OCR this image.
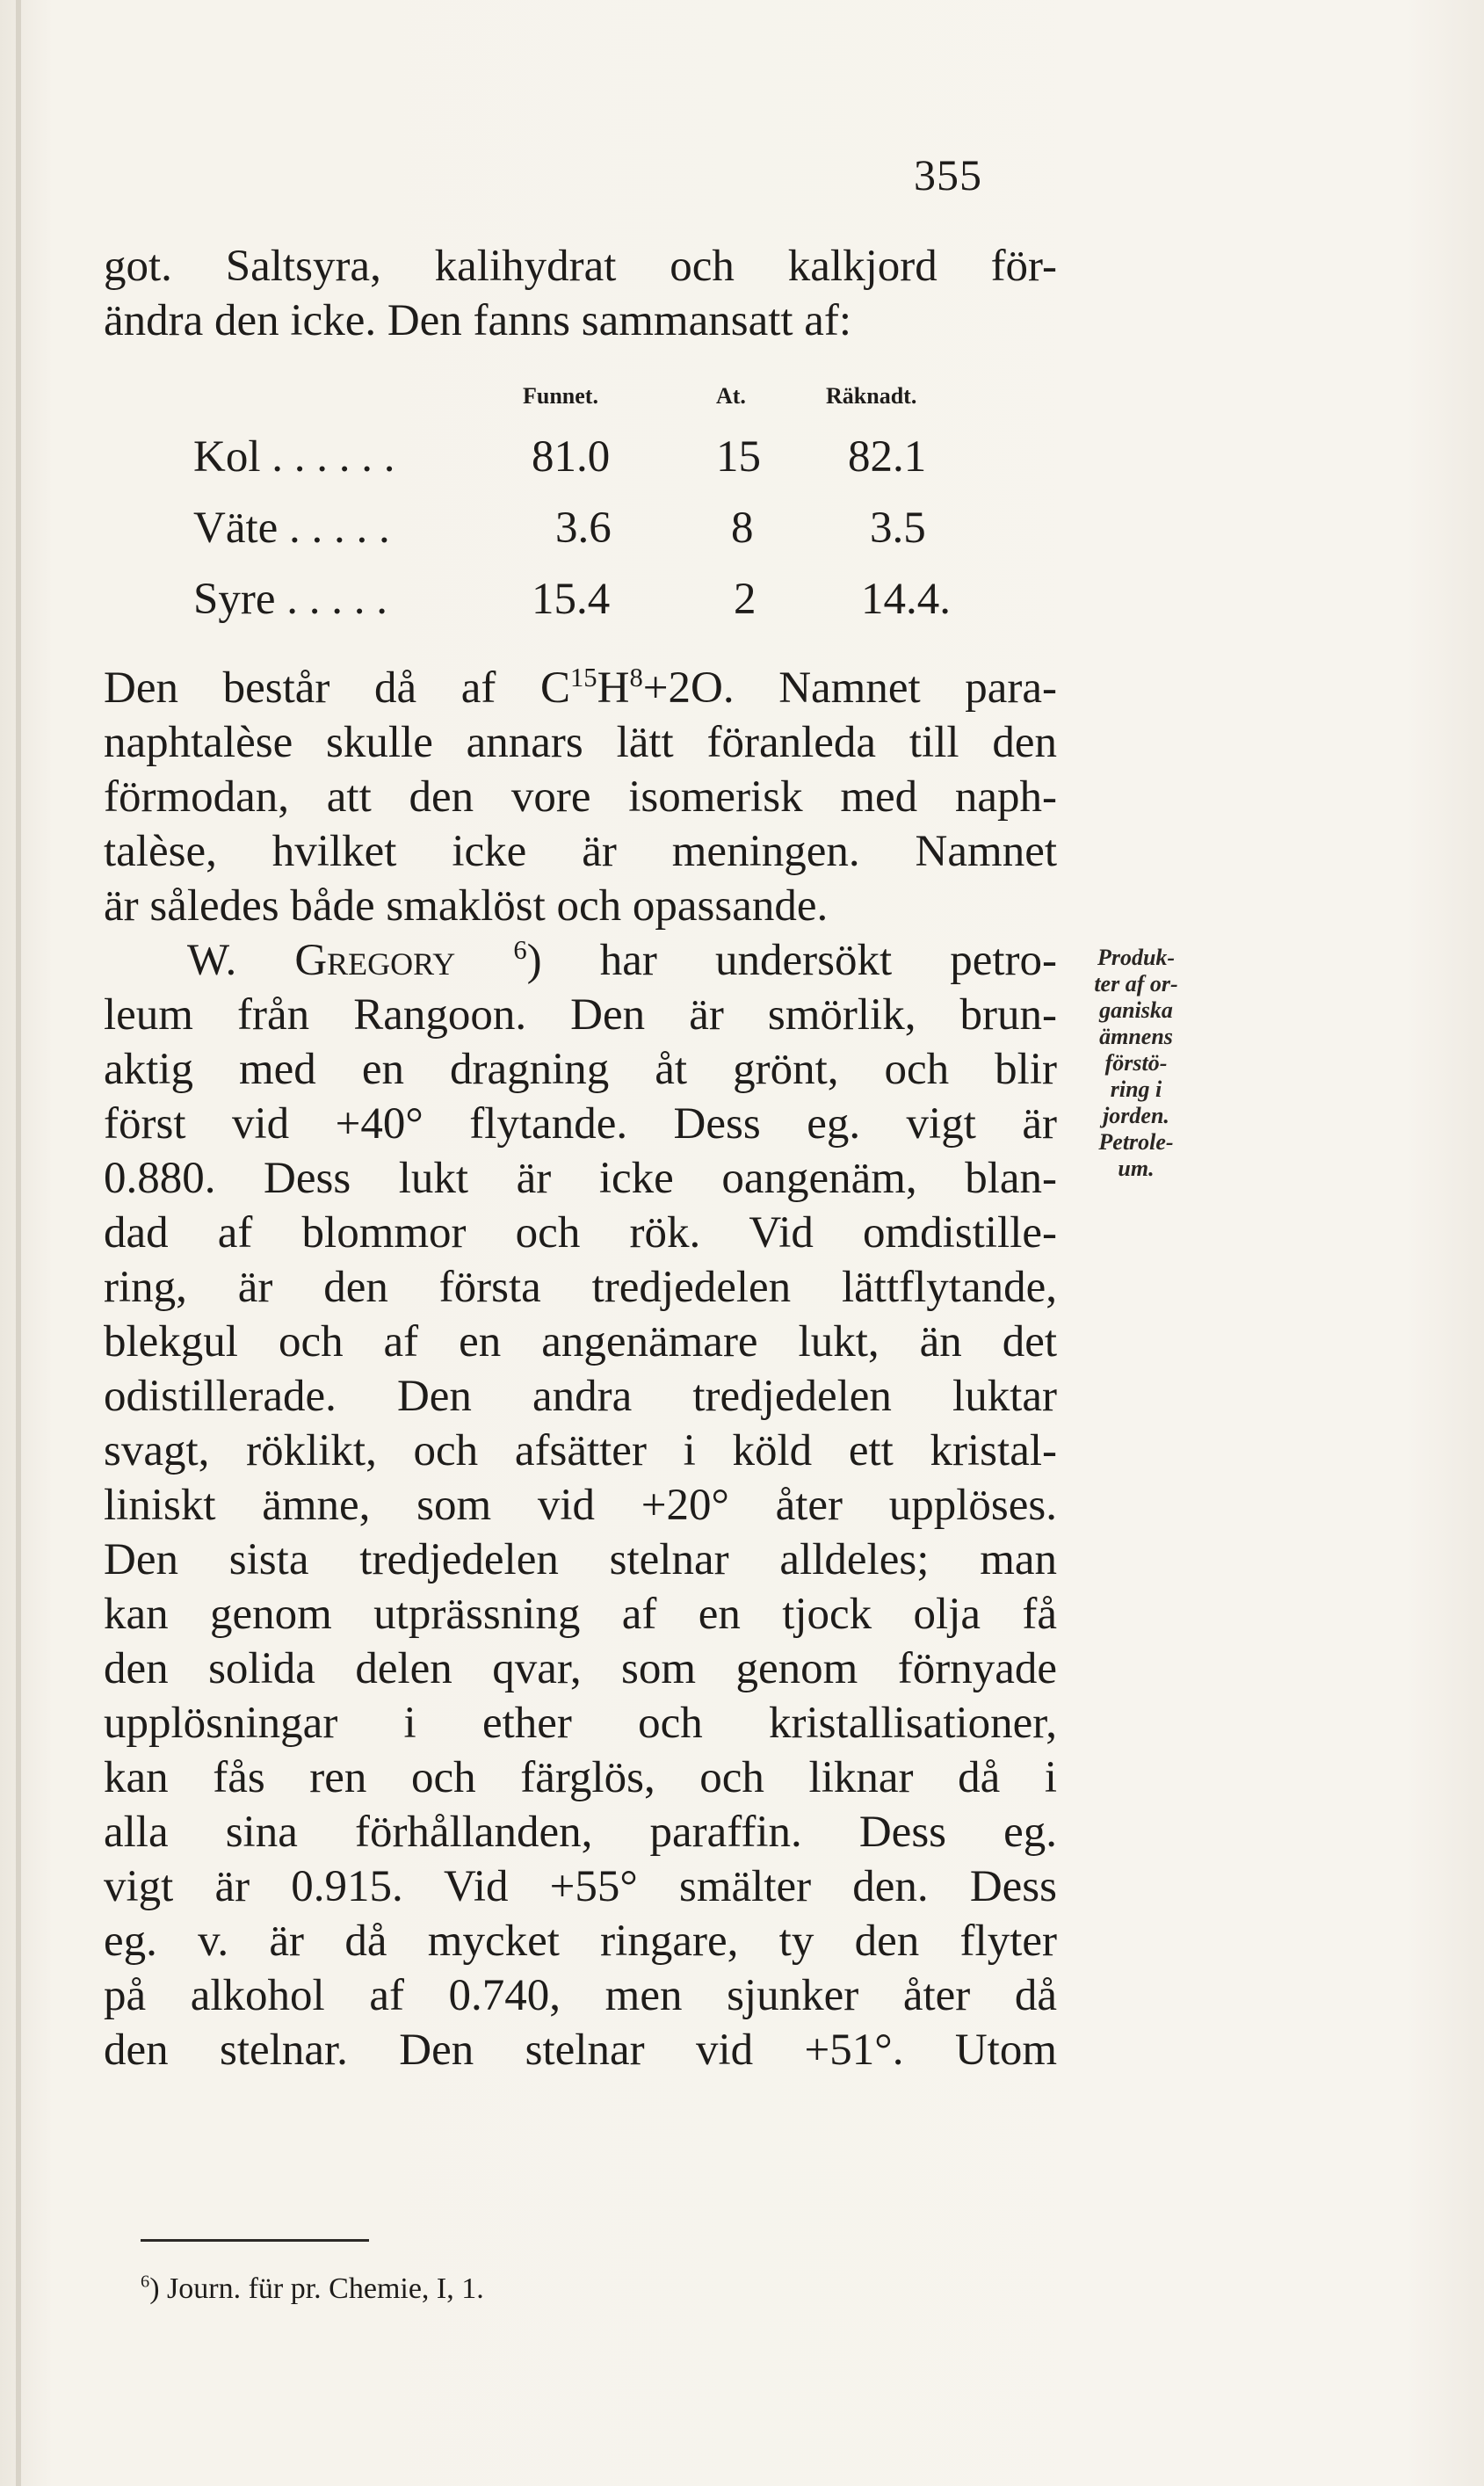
355
got. Saltsyra, kalihydrat och kalkjord för-
ändra den icke. Den fanns sammansatt af:
Funnet.	At.	Räknadt.
Kol . . . . . .	81.0 15 82.1
Väte . . . . .	3.6	8	3.5
Syre . . . . .	15.4	2 14.4.
Den består då af $C^{15}H^8+2O$. Namnet para-
naphtalèse skulle annars lätt föranleda till den
förmodan, att den vore isomerisk med naph-
talèse, hvilket icke är meningen. Namnet
är således både smaklöst och opassande.
W. Gregory $^6$) har undersökt petro-
leum från Rangoon. Den är smörlik, brun-
aktig med en dragning åt grönt, och blir
först vid +40° flytande. Dess eg. vigt är
0.880. Dess lukt är icke oangenäm, blan-
dad af blommor och rök. Vid omdistille-
ring, är den första tredjedelen lättflytande,
blekgul och af en angenämare lukt, än det
odistillerade. Den andra tredjedelen luktar
svagt, röklikt, och afsätter i köld ett kristal-
liniskt ämne, som vid +20° åter upplöses.
Den sista tredjedelen stelnar alldeles; man
kan genom utprässning af en tjock olja få
den solida delen qvar, som genom förnyade
upplösningar i ether och kristallisationer,
kan fås ren och färglös, och liknar då i
alla sina förhållanden, paraffin. Dess eg.
vigt är 0.915. Vid +55° smälter den. Dess
eg. v. är då mycket ringare, ty den flyter
på alkohol af 0.740, men sjunker åter då
den stelnar. Den stelnar vid +51°. Utom
Produk-
ter af or-
ganiska
ämnens
förstö-
ring i
jorden.
Petrole-
um.
$^6$) Journ. für pr. Chemie, I, 1.
